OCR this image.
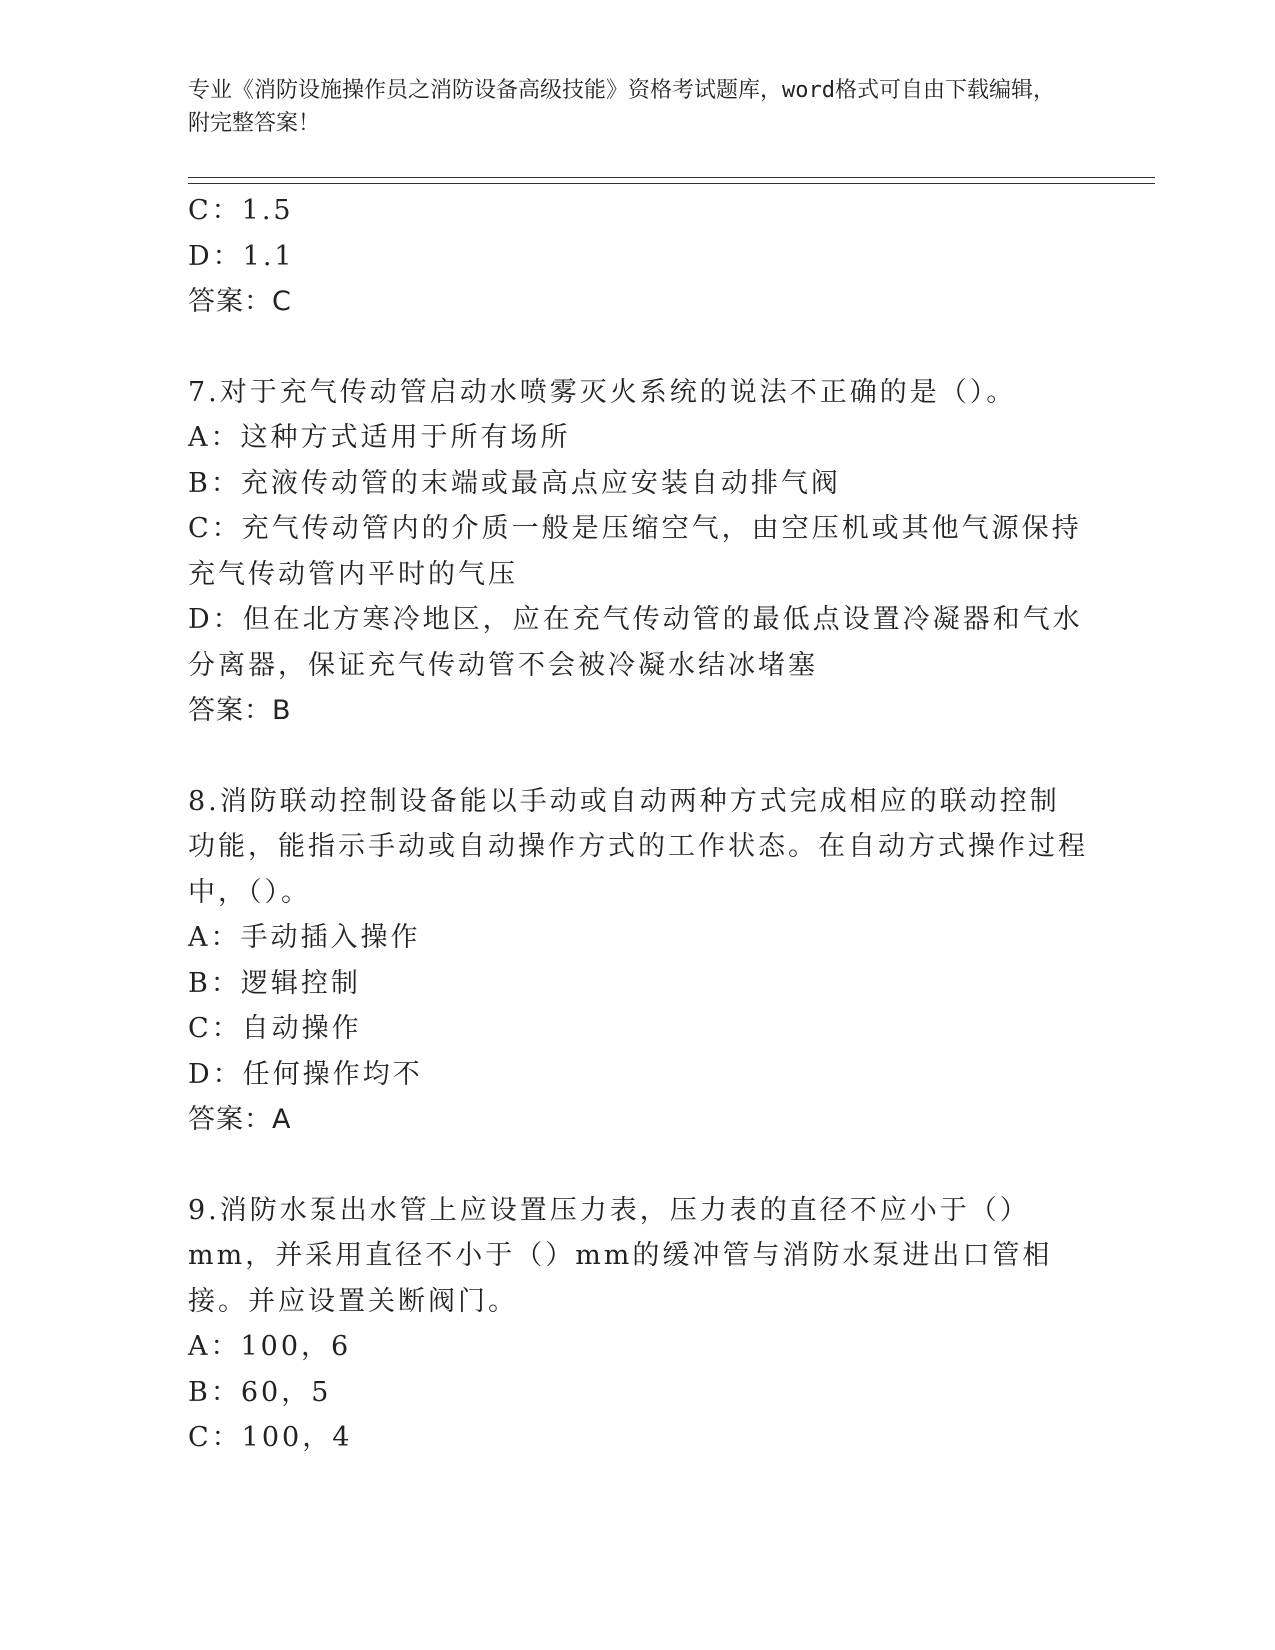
专业《消防设施操作员之消防设备高级技能》资格考试题库，word格式可自由下载编辑，附完整答案！
C：1.5
D：1.1
答案：C
7.对于充气传动管启动水喷雾灭火系统的说法不正确的是（）。
A：这种方式适用于所有场所
B：充液传动管的末端或最高点应安装自动排气阀
C：充气传动管内的介质一般是压缩空气，由空压机或其他气源保持充气传动管内平时的气压
D：但在北方寒冷地区，应在充气传动管的最低点设置冷凝器和气水分离器，保证充气传动管不会被冷凝水结冰堵塞
答案：B
8.消防联动控制设备能以手动或自动两种方式完成相应的联动控制功能，能指示手动或自动操作方式的工作状态。在自动方式操作过程中，（）。
A：手动插入操作
B：逻辑控制
C：自动操作
D：任何操作均不
答案：A
9.消防水泵出水管上应设置压力表，压力表的直径不应小于（）mm，并采用直径不小于（）mm的缓冲管与消防水泵进出口管相接。并应设置关断阀门。
A：100，6
B：60，5
C：100，4
